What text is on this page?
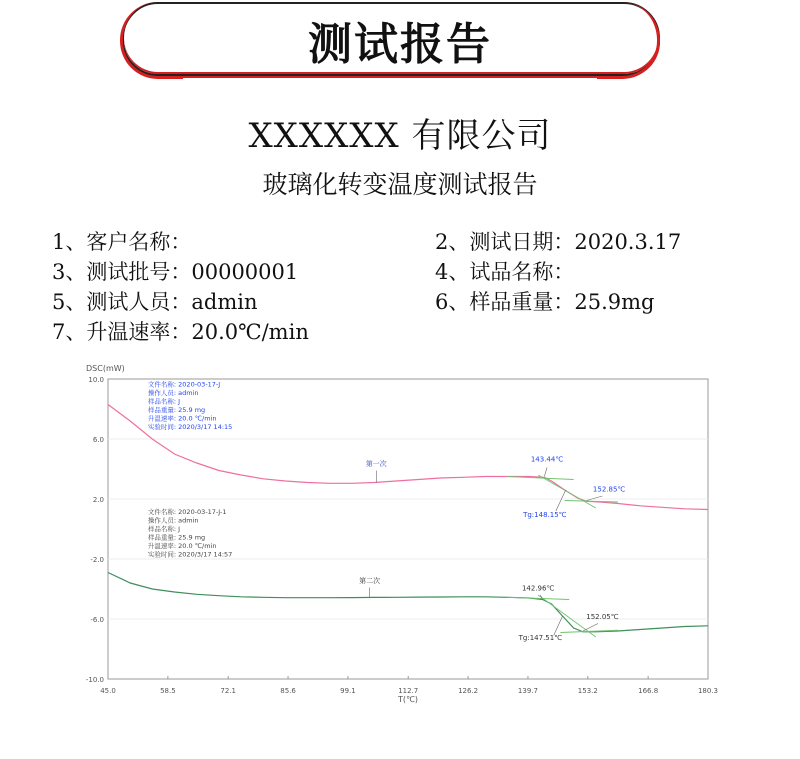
测试报告
XXXXXX 有限公司
玻璃化转变温度测试报告
1、客户名称：	2、测试日期：2020.3.17
3、测试批号：00000001	4、试品名称：
5、测试人员：admin	6、样品重量：25.9mg
7、升温速率：20.0℃/min
DSC(mW)
45.0	58.5	72.1	85.6	99.1	112.7	126.2	139.7	153.2	166.8	180.3
10.0
6.0
2.0
-2.0
-6.0
-10.0
第一次
143.44℃
152.85℃
Tg:148.15℃
第二次
142.96℃
152.05℃
Tg:147.51℃
文件名称: 2020-03-17-J
操作人员: admin
样品名称: J
样品重量: 25.9 mg
升温速率: 20.0 ℃/min
实验时间: 2020/3/17 14:15
文件名称: 2020-03-17-J-1
操作人员: admin
样品名称: J
样品重量: 25.9 mg
升温速率: 20.0 ℃/min
实验时间: 2020/3/17 14:57
T(℃)
